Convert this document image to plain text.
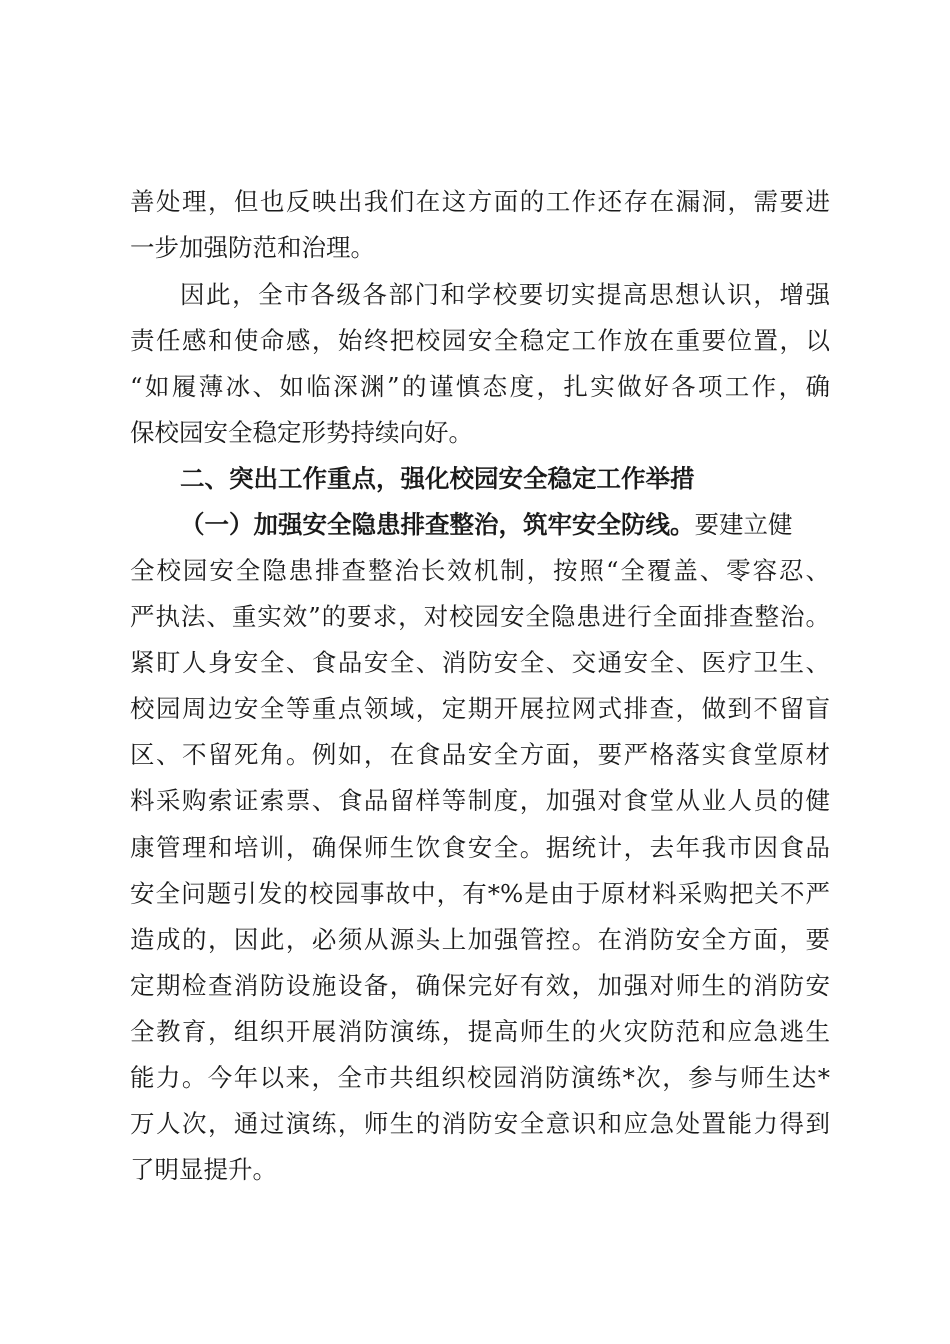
善处理，但也反映出我们在这方面的工作还存在漏洞，需要进
一步加强防范和治理。
因此，全市各级各部门和学校要切实提高思想认识，增强
责任感和使命感，始终把校园安全稳定工作放在重要位置，以
“如履薄冰、如临深渊”的谨慎态度，扎实做好各项工作，确
保校园安全稳定形势持续向好。
二、突出工作重点，强化校园安全稳定工作举措
（一）加强安全隐患排查整治，筑牢安全防线。要建立健
全校园安全隐患排查整治长效机制，按照“全覆盖、零容忍、
严执法、重实效”的要求，对校园安全隐患进行全面排查整治。
紧盯人身安全、食品安全、消防安全、交通安全、医疗卫生、
校园周边安全等重点领域，定期开展拉网式排查，做到不留盲
区、不留死角。例如，在食品安全方面，要严格落实食堂原材
料采购索证索票、食品留样等制度，加强对食堂从业人员的健
康管理和培训，确保师生饮食安全。据统计，去年我市因食品
安全问题引发的校园事故中，有*%是由于原材料采购把关不严
造成的，因此，必须从源头上加强管控。在消防安全方面，要
定期检查消防设施设备，确保完好有效，加强对师生的消防安
全教育，组织开展消防演练，提高师生的火灾防范和应急逃生
能力。今年以来，全市共组织校园消防演练*次，参与师生达*
万人次，通过演练，师生的消防安全意识和应急处置能力得到
了明显提升。
